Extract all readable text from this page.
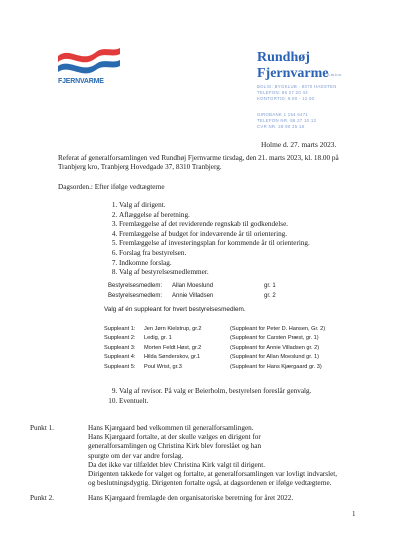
FJERNVARME
Rundhøj
Fjernvarme
A.m.b.a
BOLIG: BYGKLUB · 8370 HADSTEN
TELEFON: 86 27 20 44
KONTORTID: 9.00 - 12.00
GIROBANK 1 154 6471
TELEFON NR. 86 27 10 13
CVR NR. 28 90 25 18
Holme d. 27. marts 2023.
Referat af generalforsamlingen ved Rundhøj Fjernvarme tirsdag, den 21. marts 2023, kl. 18.00 på Tranbjerg kro, Tranbjerg Hovedgade 37, 8310 Tranbjerg.
Dagsorden.: Efter ifølge vedtægterne
1. Valg af dirigent.
2. Aflæggelse af beretning.
3. Fremlæggelse af det reviderende regnskab til godkendelse.
4. Fremlæggelse af budget for indeværende år til orientering.
5. Fremlæggelse af investeringsplan for kommende år til orientering.
6. Forslag fra bestyrelsen.
7. Indkomne forslag.
8. Valg af bestyrelsesmedlemmer.
Bestyrelsesmedlem:	Allan Moeslund	gr. 1
Bestyrelsesmedlem:	Annie Villadsen	gr. 2
Valg af én suppleant for hvert bestyrelsesmedlem.
Suppleant 1:	Jen Jørn Kielstrup, gr.2	(Suppleant for Peter D. Hansen, Gr. 2)
Suppleant 2:	Ledig, gr. 1	(Suppleant for Carsten Præst, gr. 1)
Suppleant 3:	Morten Feldt Høst, gr.2	(Suppleant for Annie Villadsen gr. 2)
Suppleant 4:	Hilda Sønderskov, gr.1	(Suppleant for Allan Moeslund gr. 1)
Suppleant 5:	Poul Wrist, gr.3	(Suppleant for Hans Kjærgaard gr. 3)
9. Valg af revisor. På valg er Beierholm, bestyrelsen foreslår genvalg.
10. Eventuelt.
Punkt 1.	Hans Kjærgaard bød velkommen til generalforsamlingen.
Hans Kjærgaard fortalte, at der skulle vælges en dirigent for
generalforsamlingen og Christina Kirk blev foreslået og han
spurgte om der var andre forslag.
Da det ikke var tilfældet blev Christina Kirk valgt til dirigent.
Dirigenten takkede for valget og fortalte, at generalforsamlingen var lovligt indvarslet,
og beslutningsdygtig. Dirigenten fortalte også, at dagsordenen er ifølge vedtægterne.
Punkt 2.	Hans Kjærgaard fremlagde den organisatoriske beretning for året 2022.
1
